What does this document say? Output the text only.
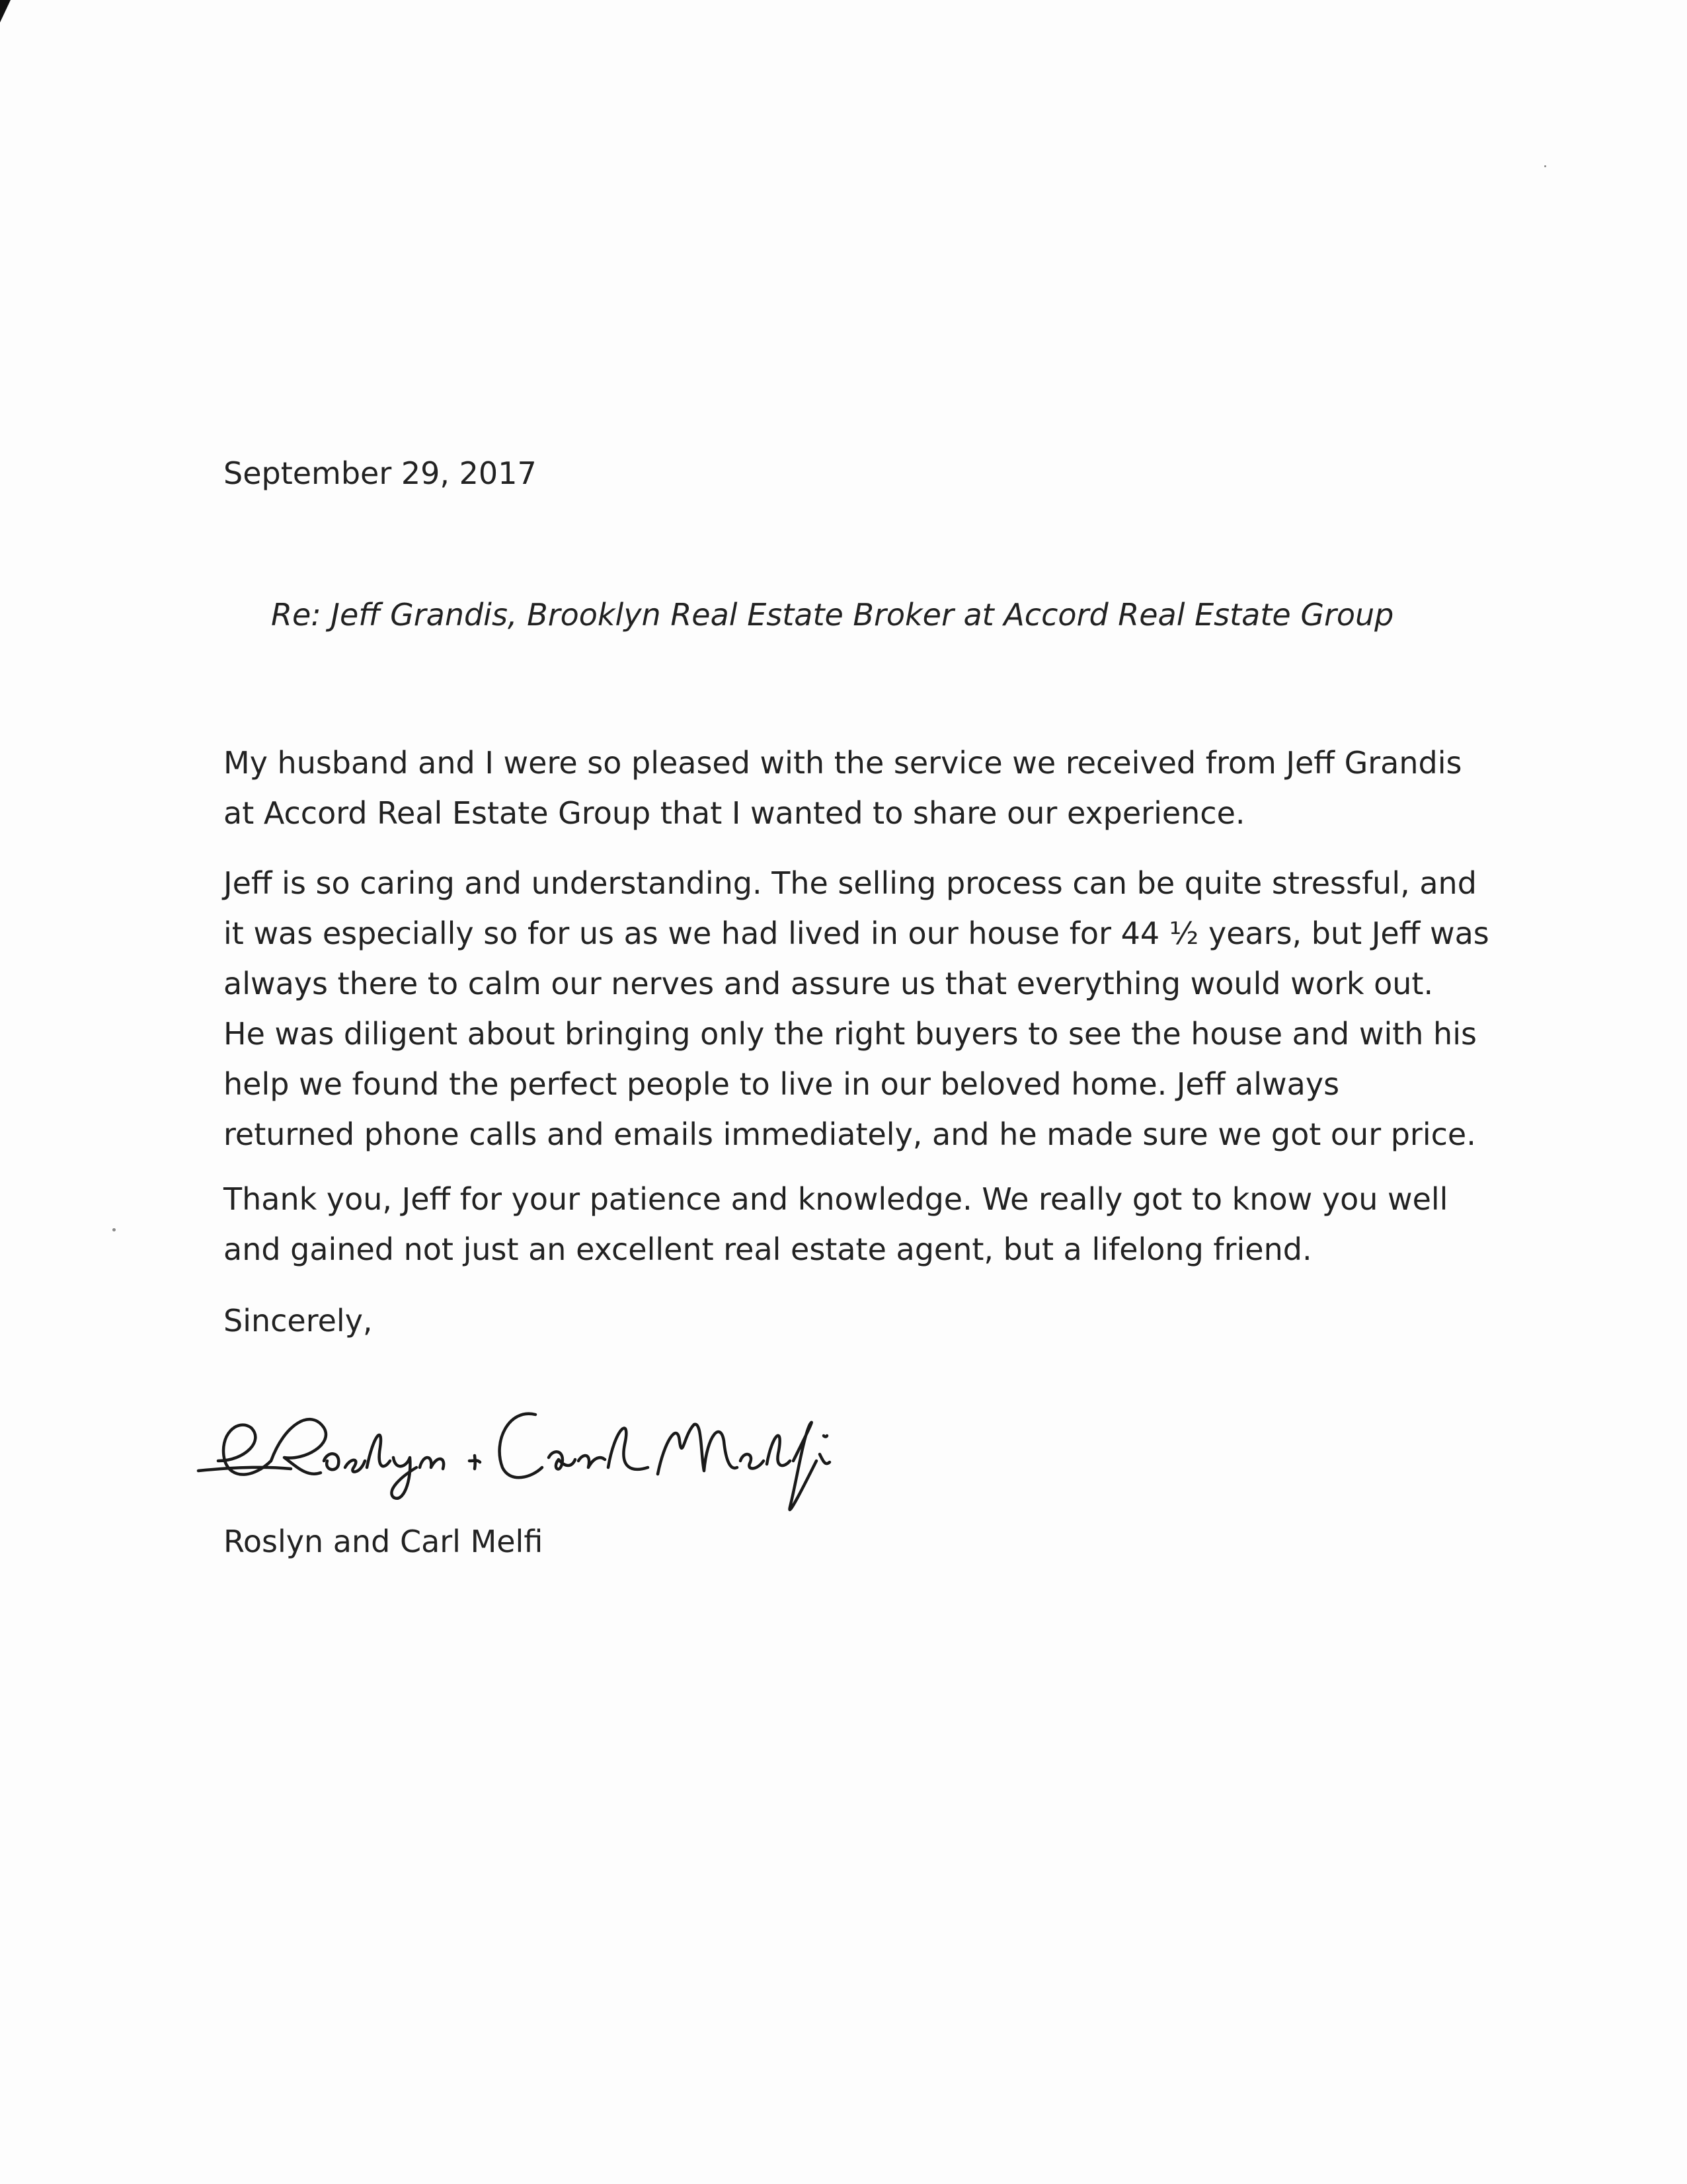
September 29, 2017
Re: Jeff Grandis, Brooklyn Real Estate Broker at Accord Real Estate Group

My husband and I were so pleased with the service we received from Jeff Grandis
at Accord Real Estate Group that I wanted to share our experience.

Jeff is so caring and understanding. The selling process can be quite stressful, and
it was especially so for us as we had lived in our house for 44 ½ years, but Jeff was
always there to calm our nerves and assure us that everything would work out.
He was diligent about bringing only the right buyers to see the house and with his
help we found the perfect people to live in our beloved home. Jeff always
returned phone calls and emails immediately, and he made sure we got our price.

Thank you, Jeff for your patience and knowledge. We really got to know you well
and gained not just an excellent real estate agent, but a lifelong friend.

Sincerely,
Roslyn and Carl Melfi
